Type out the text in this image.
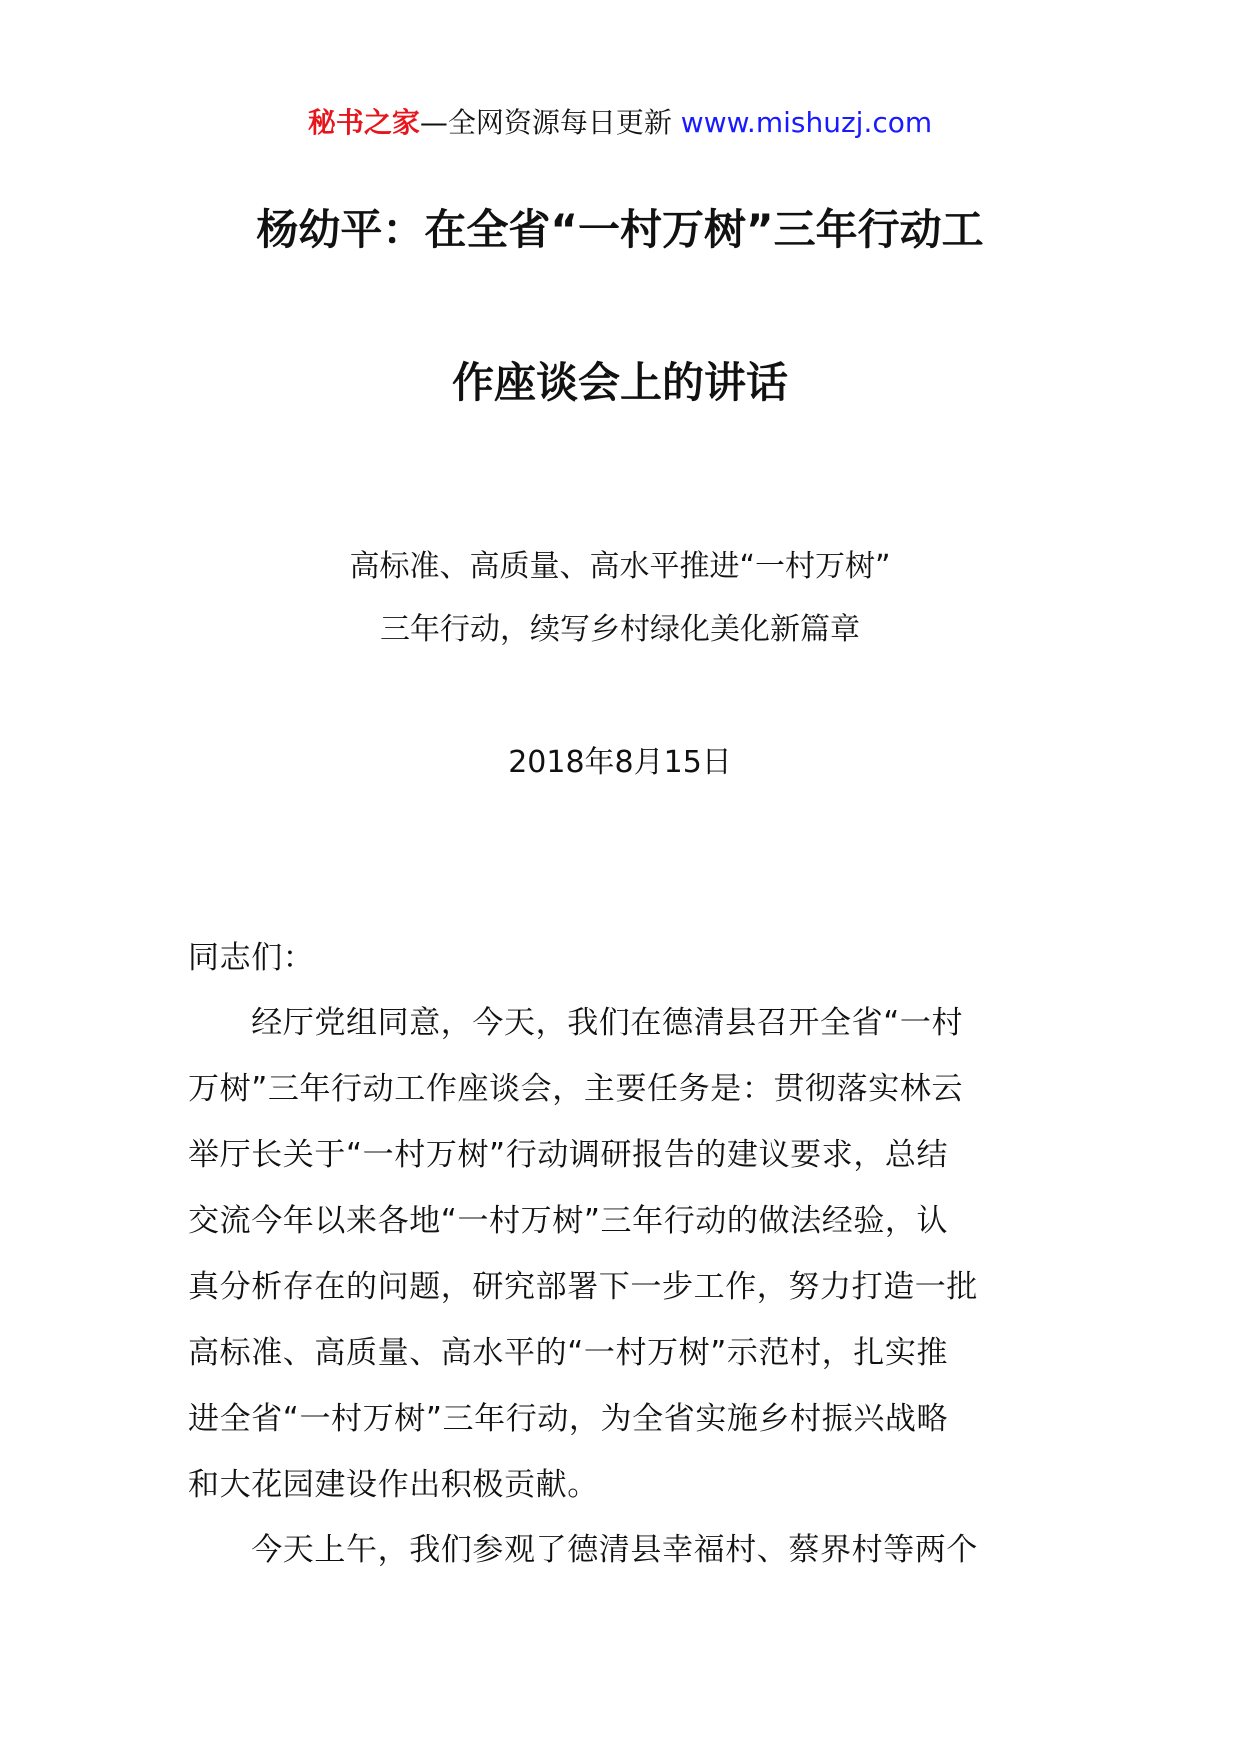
秘书之家—全网资源每日更新 www.mishuzj.com
杨幼平：在全省“一村万树”三年行动工
作座谈会上的讲话
高标准、高质量、高水平推进“一村万树”
三年行动，续写乡村绿化美化新篇章
2018年8月15日
同志们：
　　经厅党组同意，今天，我们在德清县召开全省“一村
万树”三年行动工作座谈会，主要任务是：贯彻落实林云
举厅长关于“一村万树”行动调研报告的建议要求，总结
交流今年以来各地“一村万树”三年行动的做法经验，认
真分析存在的问题，研究部署下一步工作，努力打造一批
高标准、高质量、高水平的“一村万树”示范村，扎实推
进全省“一村万树”三年行动，为全省实施乡村振兴战略
和大花园建设作出积极贡献。
　　今天上午，我们参观了德清县幸福村、蔡界村等两个
